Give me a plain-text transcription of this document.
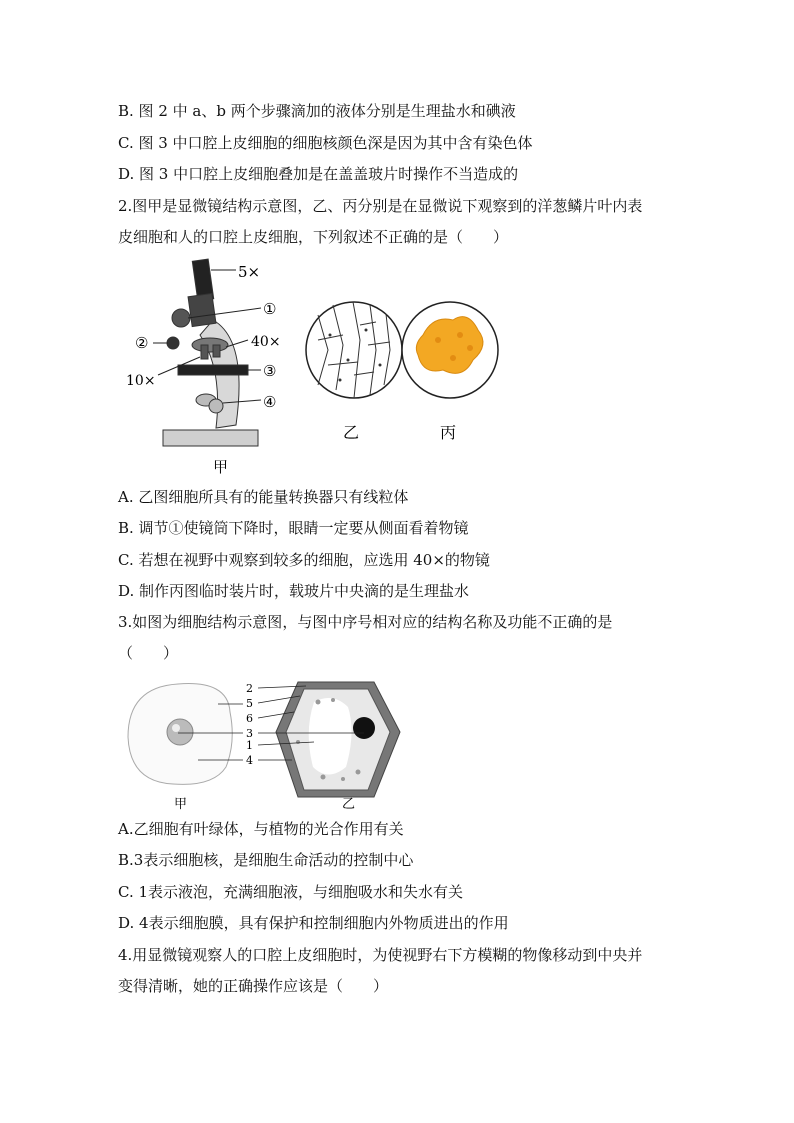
B. 图 2 中 a、b 两个步骤滴加的液体分别是生理盐水和碘液
C. 图 3 中口腔上皮细胞的细胞核颜色深是因为其中含有染色体
D. 图 3 中口腔上皮细胞叠加是在盖盖玻片时操作不当造成的
2.图甲是显微镜结构示意图，乙、丙分别是在显微说下观察到的洋葱鳞片叶内表
皮细胞和人的口腔上皮细胞，下列叙述不正确的是（　　）
5×
①
②	40×
10×
③
④
甲
乙	丙
A. 乙图细胞所具有的能量转换器只有线粒体
B. 调节①使镜筒下降时，眼睛一定要从侧面看着物镜
C. 若想在视野中观察到较多的细胞，应选用 40×的物镜
D. 制作丙图临时装片时，载玻片中央滴的是生理盐水
3.如图为细胞结构示意图，与图中序号相对应的结构名称及功能不正确的是
（　　）
2
5
6
3
1
4
甲	乙
A.乙细胞有叶绿体，与植物的光合作用有关
B.3表示细胞核，是细胞生命活动的控制中心
C. 1表示液泡，充满细胞液，与细胞吸水和失水有关
D. 4表示细胞膜，具有保护和控制细胞内外物质进出的作用
4.用显微镜观察人的口腔上皮细胞时，为使视野右下方模糊的物像移动到中央并
变得清晰，她的正确操作应该是（　　）
